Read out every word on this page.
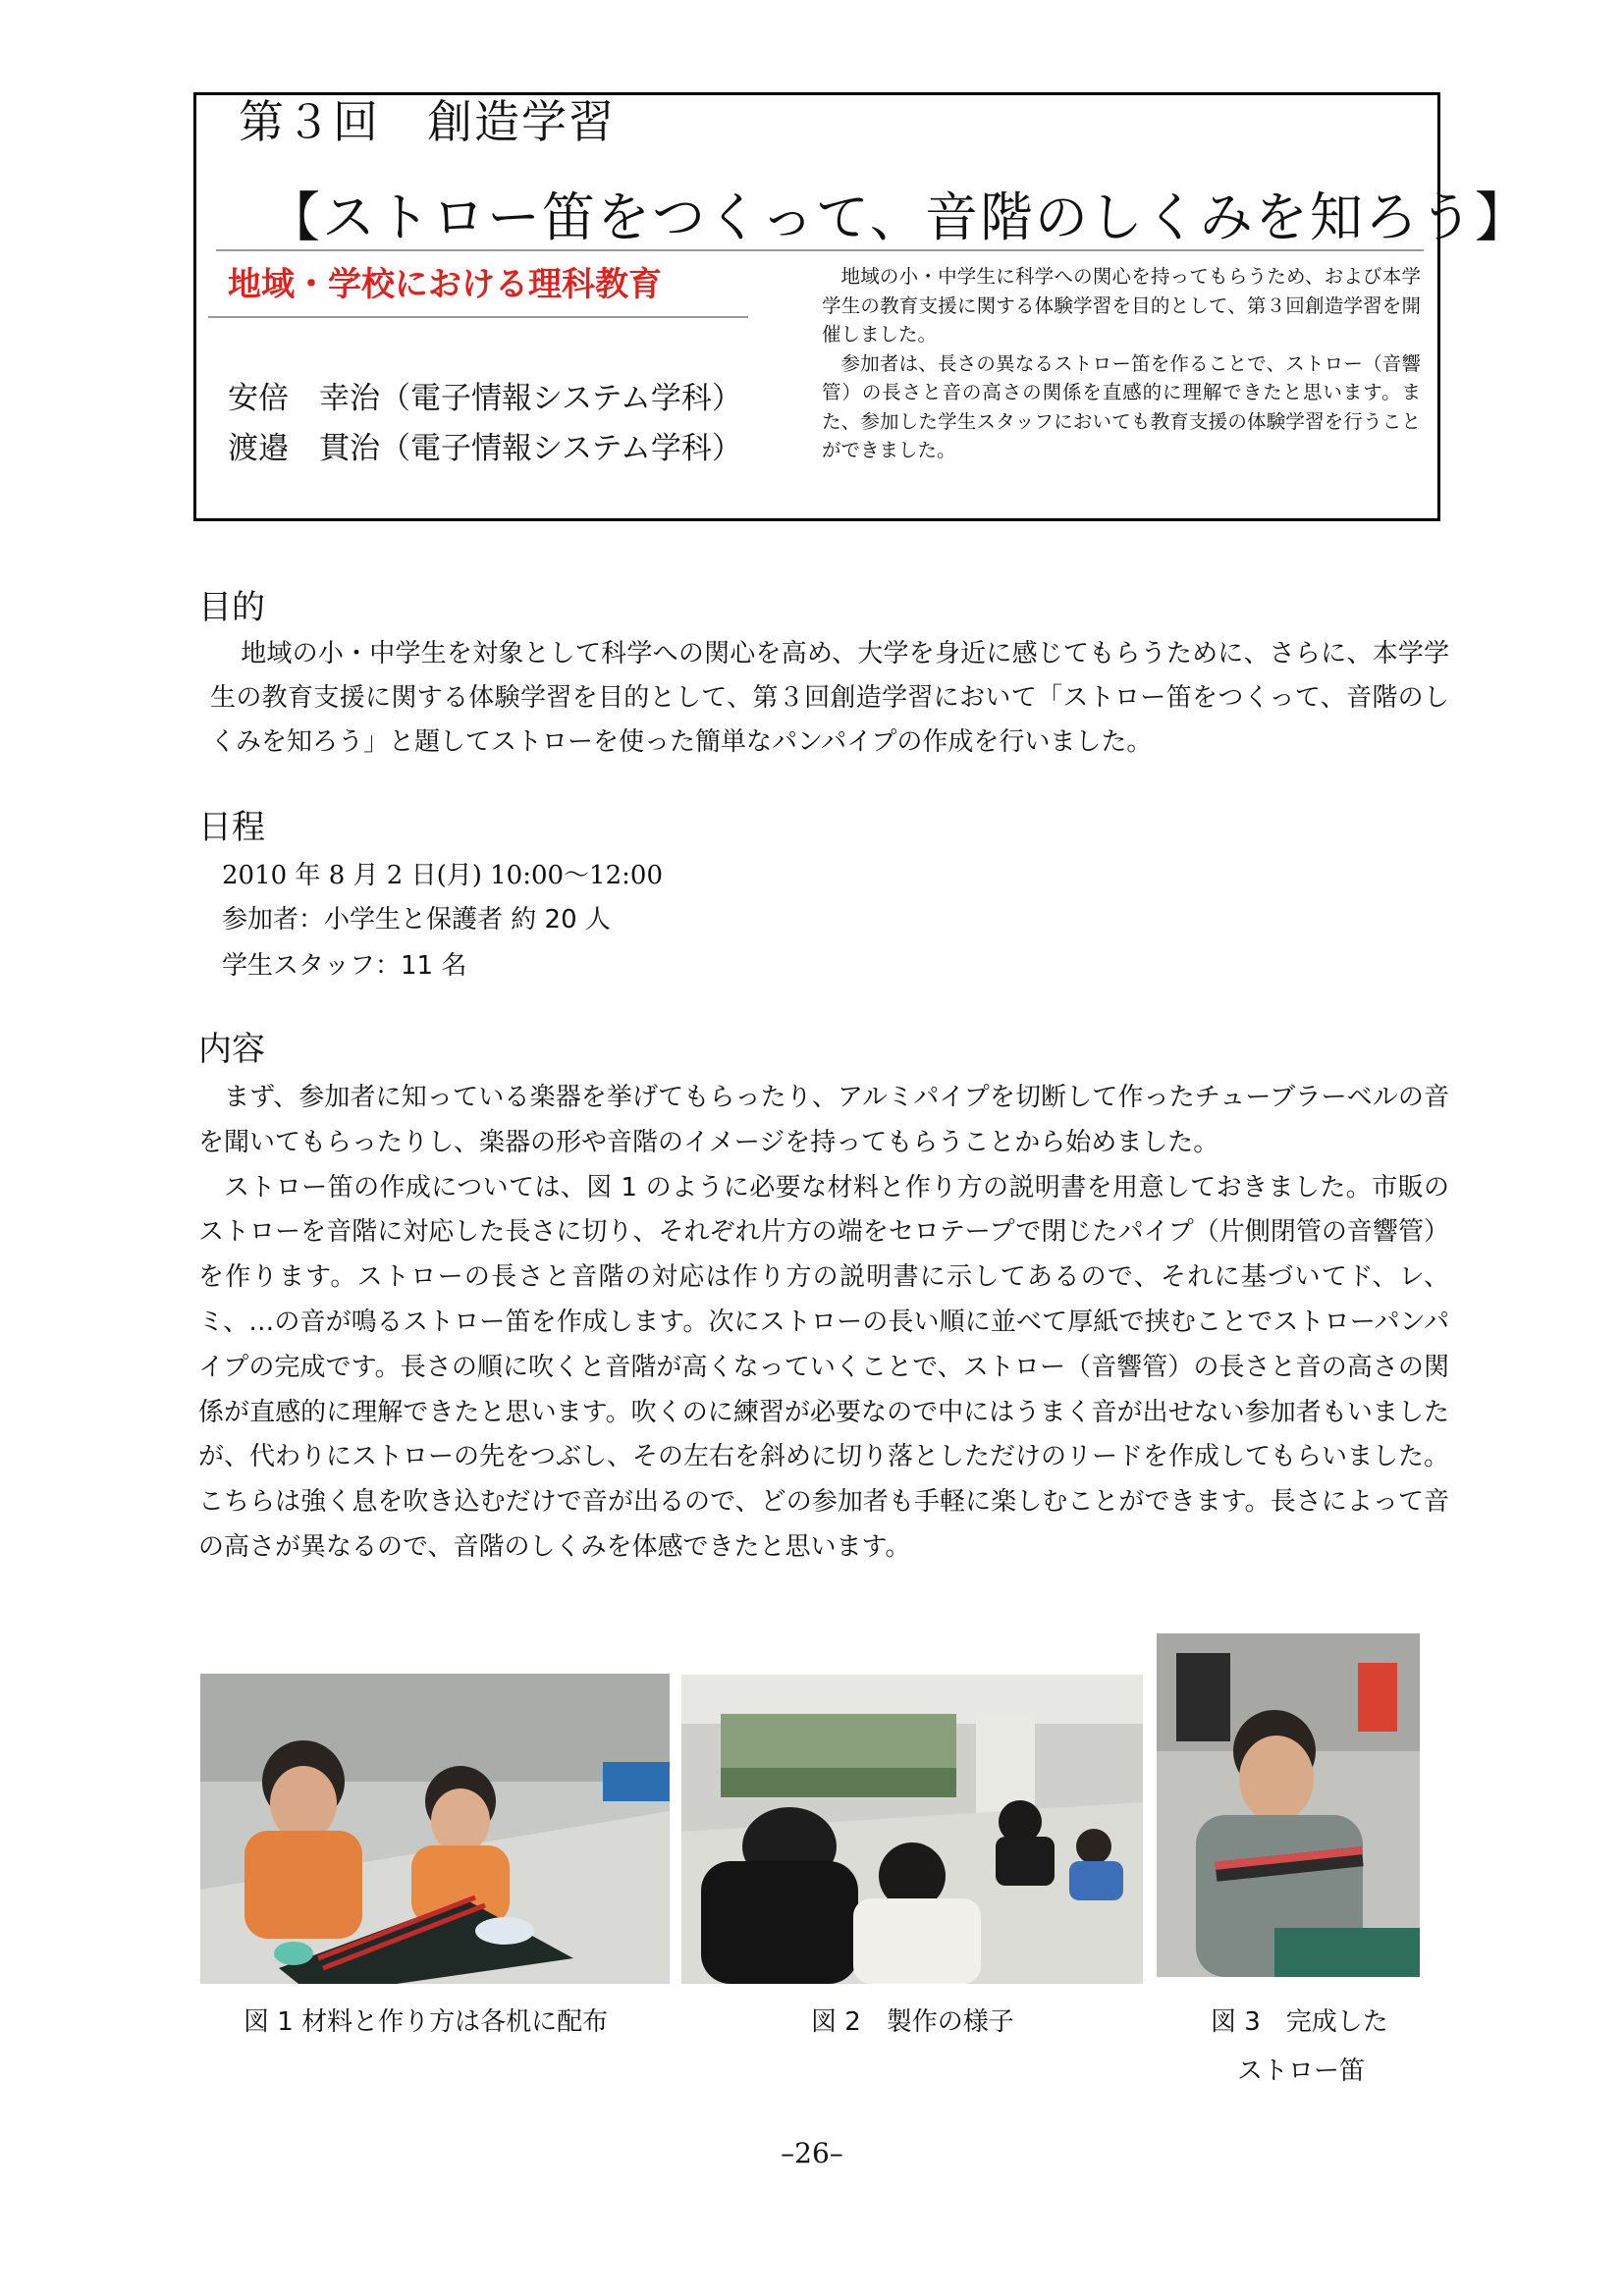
第３回　創造学習
【ストロー笛をつくって、音階のしくみを知ろう】
地域・学校における理科教育
安倍　幸治（電子情報システム学科）
渡邉　貫治（電子情報システム学科）

地域の小・中学生に科学への関心を持ってもらうため、および本学学生の教育支援に関する体験学習を目的として、第３回創造学習を開催しました。

参加者は、長さの異なるストロー笛を作ることで、ストロー（音響管）の長さと音の高さの関係を直感的に理解できたと思います。また、参加した学生スタッフにおいても教育支援の体験学習を行うことができました。

目的

地域の小・中学生を対象として科学への関心を高め、大学を身近に感じてもらうために、さらに、本学学生の教育支援に関する体験学習を目的として、第３回創造学習において「ストロー笛をつくって、音階のしくみを知ろう」と題してストローを使った簡単なパンパイプの作成を行いました。

日程
2010 年 8 月 2 日(月) 10:00～12:00
参加者：小学生と保護者 約 20 人
学生スタッフ：11 名
内容

まず、参加者に知っている楽器を挙げてもらったり、アルミパイプを切断して作ったチューブラーベルの音を聞いてもらったりし、楽器の形や音階のイメージを持ってもらうことから始めました。

ストロー笛の作成については、図 1 のように必要な材料と作り方の説明書を用意しておきました。市販のストローを音階に対応した長さに切り、それぞれ片方の端をセロテープで閉じたパイプ（片側閉管の音響管）を作ります。ストローの長さと音階の対応は作り方の説明書に示してあるので、それに基づいてド、レ、ミ、…の音が鳴るストロー笛を作成します。次にストローの長い順に並べて厚紙で挟むことでストローパンパイプの完成です。長さの順に吹くと音階が高くなっていくことで、ストロー（音響管）の長さと音の高さの関係が直感的に理解できたと思います。吹くのに練習が必要なので中にはうまく音が出せない参加者もいましたが、代わりにストローの先をつぶし、その左右を斜めに切り落としただけのリードを作成してもらいました。こちらは強く息を吹き込むだけで音が出るので、どの参加者も手軽に楽しむことができます。長さによって音の高さが異なるので、音階のしくみを体感できたと思います。

図 1 材料と作り方は各机に配布	図 2　製作の様子	図 3　完成した
ストロー笛
–26–
